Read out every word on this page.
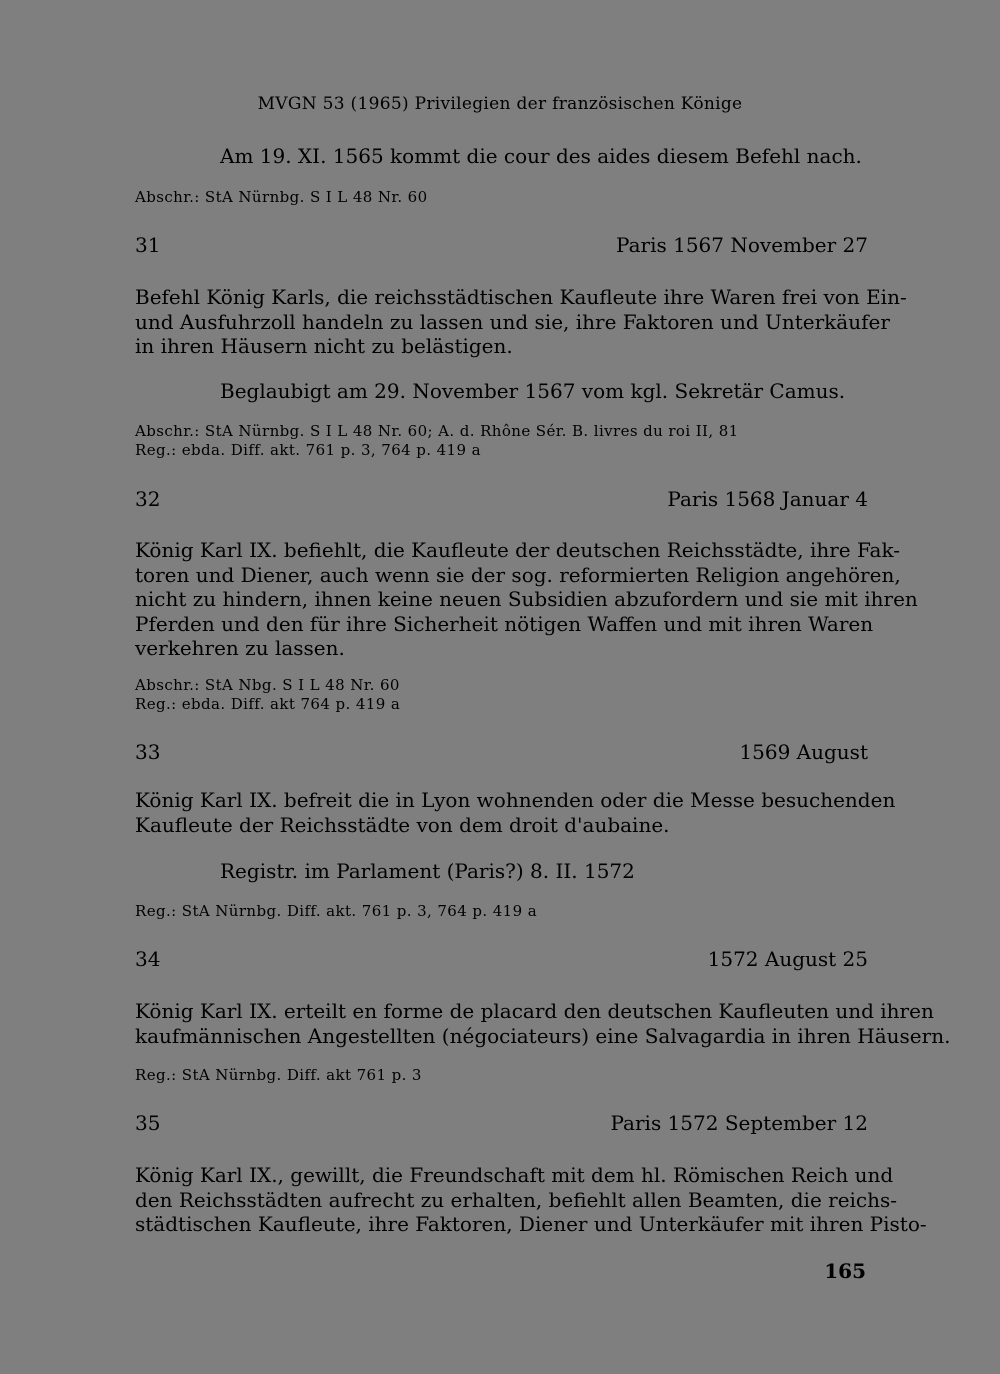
MVGN 53 (1965) Privilegien der französischen Könige
Am 19. XI. 1565 kommt die cour des aides diesem Befehl nach.
Abschr.: StA Nürnbg. S I L 48 Nr. 60
31	Paris 1567 November 27
Befehl König Karls, die reichsstädtischen Kaufleute ihre Waren frei von Ein-
und Ausfuhrzoll handeln zu lassen und sie, ihre Faktoren und Unterkäufer
in ihren Häusern nicht zu belästigen.
Beglaubigt am 29. November 1567 vom kgl. Sekretär Camus.
Abschr.: StA Nürnbg. S I L 48 Nr. 60; A. d. Rhône Sér. B. livres du roi II, 81
Reg.: ebda. Diff. akt. 761 p. 3, 764 p. 419 a
32	Paris 1568 Januar 4
König Karl IX. befiehlt, die Kaufleute der deutschen Reichsstädte, ihre Fak-
toren und Diener, auch wenn sie der sog. reformierten Religion angehören,
nicht zu hindern, ihnen keine neuen Subsidien abzufordern und sie mit ihren
Pferden und den für ihre Sicherheit nötigen Waffen und mit ihren Waren
verkehren zu lassen.
Abschr.: StA Nbg. S I L 48 Nr. 60
Reg.: ebda. Diff. akt 764 p. 419 a
33	1569 August
König Karl IX. befreit die in Lyon wohnenden oder die Messe besuchenden
Kaufleute der Reichsstädte von dem droit d'aubaine.
Registr. im Parlament (Paris?) 8. II. 1572
Reg.: StA Nürnbg. Diff. akt. 761 p. 3, 764 p. 419 a
34	1572 August 25
König Karl IX. erteilt en forme de placard den deutschen Kaufleuten und ihren
kaufmännischen Angestellten (négociateurs) eine Salvagardia in ihren Häusern.
Reg.: StA Nürnbg. Diff. akt 761 p. 3
35	Paris 1572 September 12
König Karl IX., gewillt, die Freundschaft mit dem hl. Römischen Reich und
den Reichsstädten aufrecht zu erhalten, befiehlt allen Beamten, die reichs-
städtischen Kaufleute, ihre Faktoren, Diener und Unterkäufer mit ihren Pisto-
165
